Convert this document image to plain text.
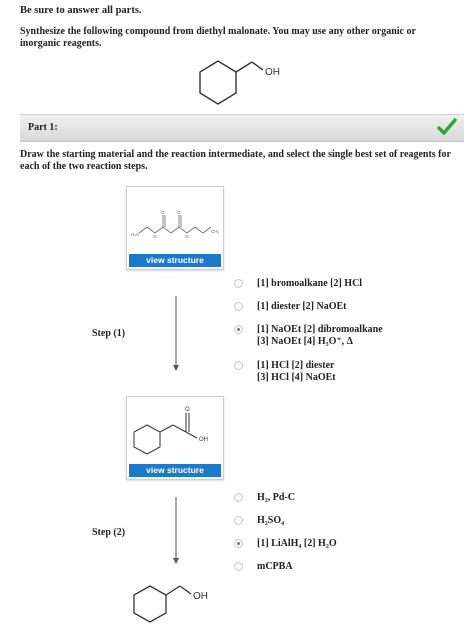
Be sure to answer all parts.
Synthesize the following compound from diethyl malonate. You may use any other organic or inorganic reagents.
OH
Part 1:
Draw the starting material and the reaction intermediate, and select the single best set of reagents for each of the two reaction steps.
H₃C
CH₃
O	O
O	O
view structure
Step (1)
[1] bromoalkane [2] HCl
[1] diester [2] NaOEt
[1] NaOEt [2] dibromoalkane
[3] NaOEt [4] H₃O⁺, Δ
[1] HCl [2] diester
[3] HCl [4] NaOEt
O
OH
view structure
Step (2)
H₂, Pd-C
H₂SO₄
[1] LiAlH₄ [2] H₂O
mCPBA
OH
